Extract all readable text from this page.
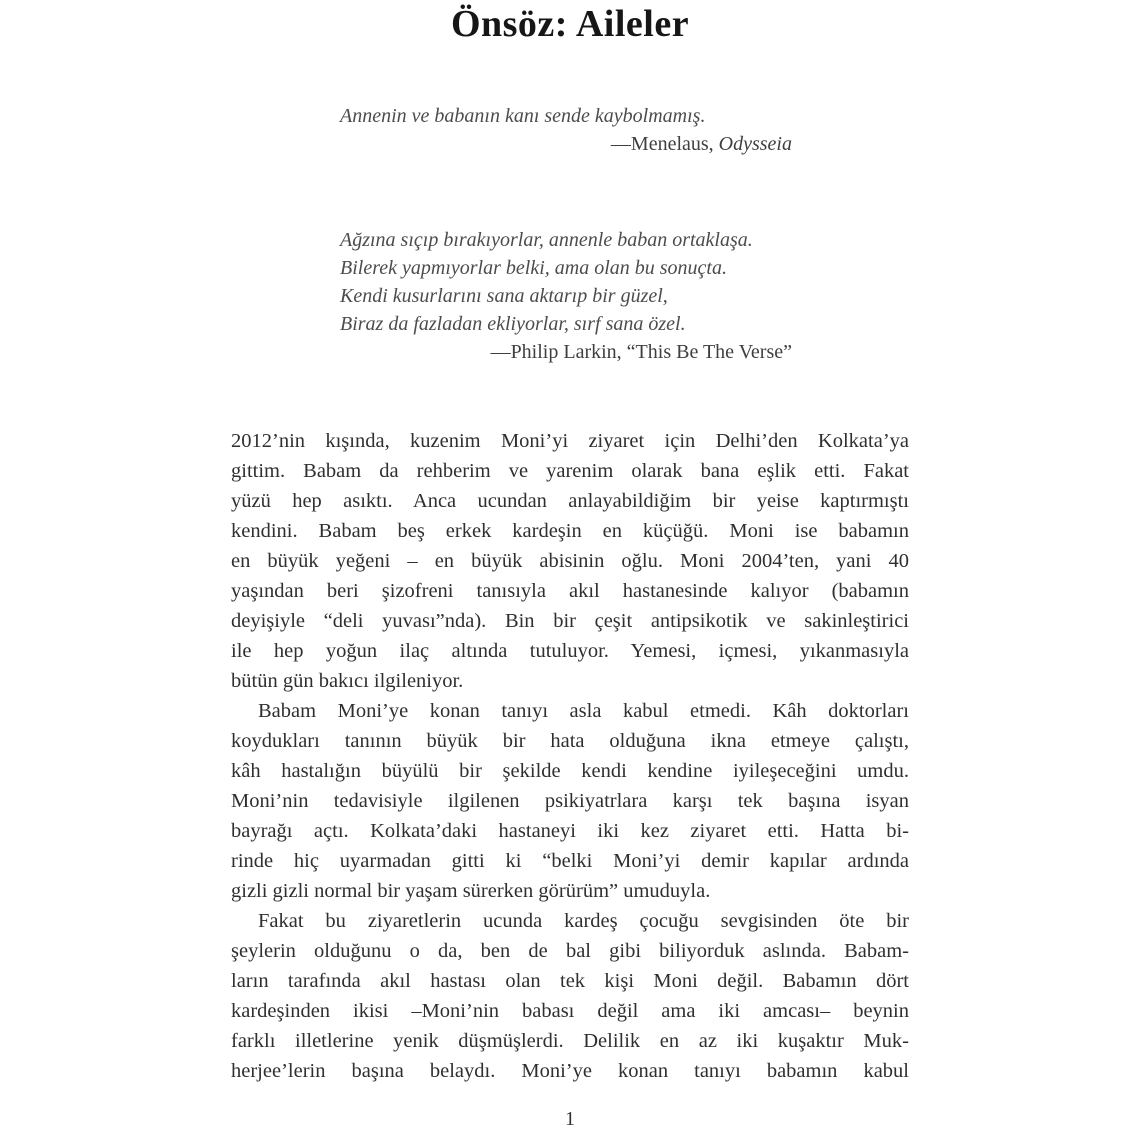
Önsöz: Aileler
Annenin ve babanın kanı sende kaybolmamış.
—Menelaus, Odysseia
Ağzına sıçıp bırakıyorlar, annenle baban ortaklaşa.
Bilerek yapmıyorlar belki, ama olan bu sonuçta.
Kendi kusurlarını sana aktarıp bir güzel,
Biraz da fazladan ekliyorlar, sırf sana özel.
—Philip Larkin, “This Be The Verse”
2012’nin kışında, kuzenim Moni’yi ziyaret için Delhi’den Kolkata’ya
gittim. Babam da rehberim ve yarenim olarak bana eşlik etti. Fakat
yüzü hep asıktı. Anca ucundan anlayabildiğim bir yeise kaptırmıştı
kendini. Babam beş erkek kardeşin en küçüğü. Moni ise babamın
en büyük yeğeni – en büyük abisinin oğlu. Moni 2004’ten, yani 40
yaşından beri şizofreni tanısıyla akıl hastanesinde kalıyor (babamın
deyişiyle “deli yuvası”nda). Bin bir çeşit antipsikotik ve sakinleştirici
ile hep yoğun ilaç altında tutuluyor. Yemesi, içmesi, yıkanmasıyla
bütün gün bakıcı ilgileniyor.
Babam Moni’ye konan tanıyı asla kabul etmedi. Kâh doktorları
koydukları tanının büyük bir hata olduğuna ikna etmeye çalıştı,
kâh hastalığın büyülü bir şekilde kendi kendine iyileşeceğini umdu.
Moni’nin tedavisiyle ilgilenen psikiyatrlara karşı tek başına isyan
bayrağı açtı. Kolkata’daki hastaneyi iki kez ziyaret etti. Hatta bi-
rinde hiç uyarmadan gitti ki “belki Moni’yi demir kapılar ardında
gizli gizli normal bir yaşam sürerken görürüm” umuduyla.
Fakat bu ziyaretlerin ucunda kardeş çocuğu sevgisinden öte bir
şeylerin olduğunu o da, ben de bal gibi biliyorduk aslında. Babam-
ların tarafında akıl hastası olan tek kişi Moni değil. Babamın dört
kardeşinden ikisi –Moni’nin babası değil ama iki amcası– beynin
farklı illetlerine yenik düşmüşlerdi. Delilik en az iki kuşaktır Muk-
herjee’lerin başına belaydı. Moni’ye konan tanıyı babamın kabul
1
